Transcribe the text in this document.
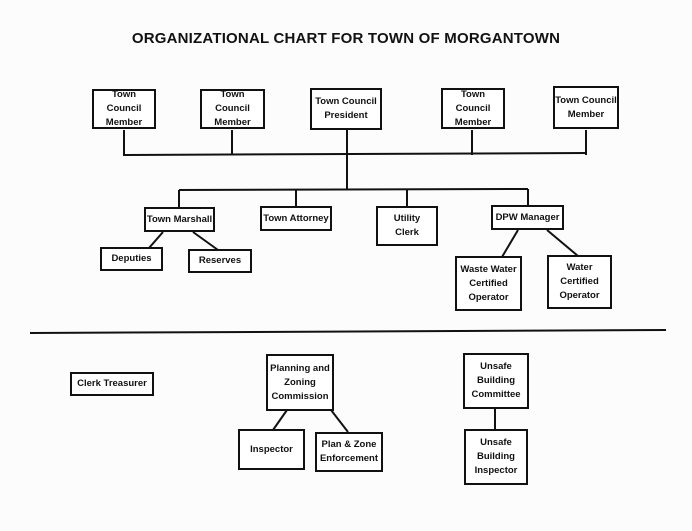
ORGANIZATIONAL CHART FOR TOWN OF MORGANTOWN
Town Council
Member
Town Council
Member
Town Council
President
Town Council
Member
Town Council
Member
Town Marshall	Town Attorney	Utility
Clerk
DPW Manager
Deputies	Reserves
Waste Water
Certified
Operator
Water
Certified
Operator
Clerk Treasurer
Planning and
Zoning
Commission
Inspector	Plan & Zone
Enforcement
Unsafe
Building
Committee
Unsafe
Building
Inspector
